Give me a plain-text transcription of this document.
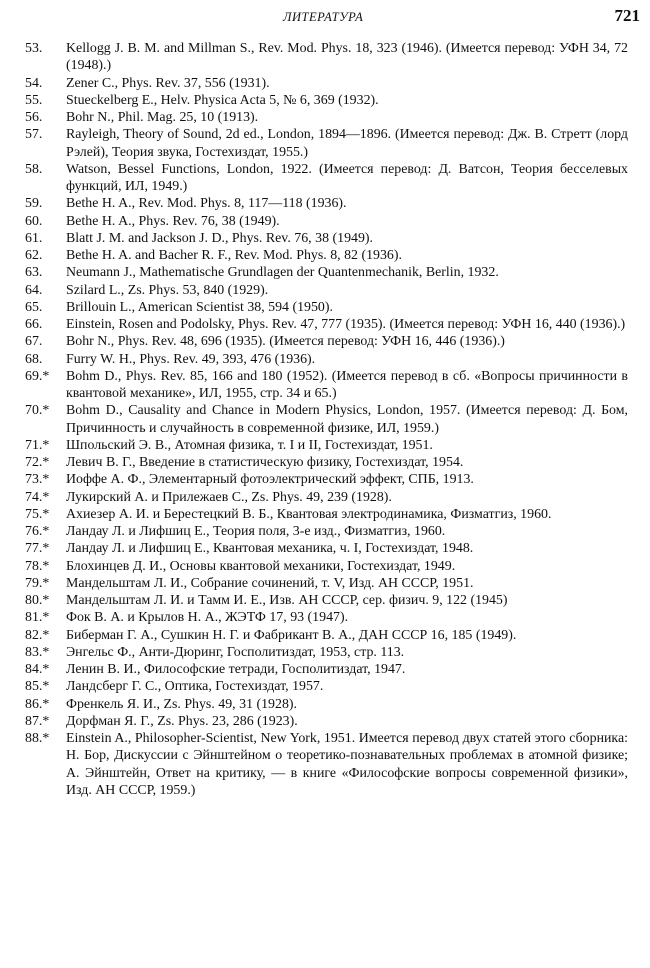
ЛИТЕРАТУРА	721
53.	Kellogg J. B. M. and Millman S., Rev. Mod. Phys. 18, 323 (1946). (Имеется перевод: УФН 34, 72 (1948).)
54.	Zener C., Phys. Rev. 37, 556 (1931).
55.	Stueckelberg E., Helv. Physica Acta 5, № 6, 369 (1932).
56.	Bohr N., Phil. Mag. 25, 10 (1913).
57.	Rayleigh, Theory of Sound, 2d ed., London, 1894—1896. (Имеется перевод: Дж. В. Стретт (лорд Рэлей), Теория звука, Гостехиздат, 1955.)
58.	Watson, Bessel Functions, London, 1922. (Имеется перевод: Д. Ватсон, Теория бесселевых функций, ИЛ, 1949.)
59.	Bethe H. A., Rev. Mod. Phys. 8, 117—118 (1936).
60.	Bethe H. A., Phys. Rev. 76, 38 (1949).
61.	Blatt J. M. and Jackson J. D., Phys. Rev. 76, 38 (1949).
62.	Bethe H. A. and Bacher R. F., Rev. Mod. Phys. 8, 82 (1936).
63.	Neumann J., Mathematische Grundlagen der Quantenmechanik, Berlin, 1932.
64.	Szilard L., Zs. Phys. 53, 840 (1929).
65.	Brillouin L., American Scientist 38, 594 (1950).
66.	Einstein, Rosen and Podolsky, Phys. Rev. 47, 777 (1935). (Имеется перевод: УФН 16, 440 (1936).)
67.	Bohr N., Phys. Rev. 48, 696 (1935). (Имеется перевод: УФН 16, 446 (1936).)
68.	Furry W. H., Phys. Rev. 49, 393, 476 (1936).
69.*	Bohm D., Phys. Rev. 85, 166 and 180 (1952). (Имеется перевод в сб. «Вопросы причинности в квантовой механике», ИЛ, 1955, стр. 34 и 65.)
70.*	Bohm D., Causality and Chance in Modern Physics, London, 1957. (Имеется перевод: Д. Бом, Причинность и случайность в современной физике, ИЛ, 1959.)
71.*	Шпольский Э. В., Атомная физика, т. I и II, Гостехиздат, 1951.
72.*	Левич В. Г., Введение в статистическую физику, Гостехиздат, 1954.
73.*	Иоффе А. Ф., Элементарный фотоэлектрический эффект, СПБ, 1913.
74.*	Лукирский А. и Прилежаев С., Zs. Phys. 49, 239 (1928).
75.*	Ахиезер А. И. и Берестецкий В. Б., Квантовая электродинамика, Физматгиз, 1960.
76.*	Ландау Л. и Лифшиц Е., Теория поля, 3-е изд., Физматгиз, 1960.
77.*	Ландау Л. и Лифшиц Е., Квантовая механика, ч. I, Гостехиздат, 1948.
78.*	Блохинцев Д. И., Основы квантовой механики, Гостехиздат, 1949.
79.*	Мандельштам Л. И., Собрание сочинений, т. V, Изд. АН СССР, 1951.
80.*	Мандельштам Л. И. и Тамм И. Е., Изв. АН СССР, сер. физич. 9, 122 (1945)
81.*	Фок В. А. и Крылов Н. А., ЖЭТФ 17, 93 (1947).
82.*	Биберман Г. А., Сушкин Н. Г. и Фабрикант В. А., ДАН СССР 16, 185 (1949).
83.*	Энгельс Ф., Анти-Дюринг, Госполитиздат, 1953, стр. 113.
84.*	Ленин В. И., Философские тетради, Госполитиздат, 1947.
85.*	Ландсберг Г. С., Оптика, Гостехиздат, 1957.
86.*	Френкель Я. И., Zs. Phys. 49, 31 (1928).
87.*	Дорфман Я. Г., Zs. Phys. 23, 286 (1923).
88.*	Einstein A., Philosopher-Scientist, New York, 1951. Имеется перевод двух статей этого сборника: Н. Бор, Дискуссии с Эйнштейном о теоретико-познавательных проблемах в атомной физике; А. Эйнштейн, Ответ на критику, — в книге «Философские вопросы современной физики», Изд. АН СССР, 1959.)
